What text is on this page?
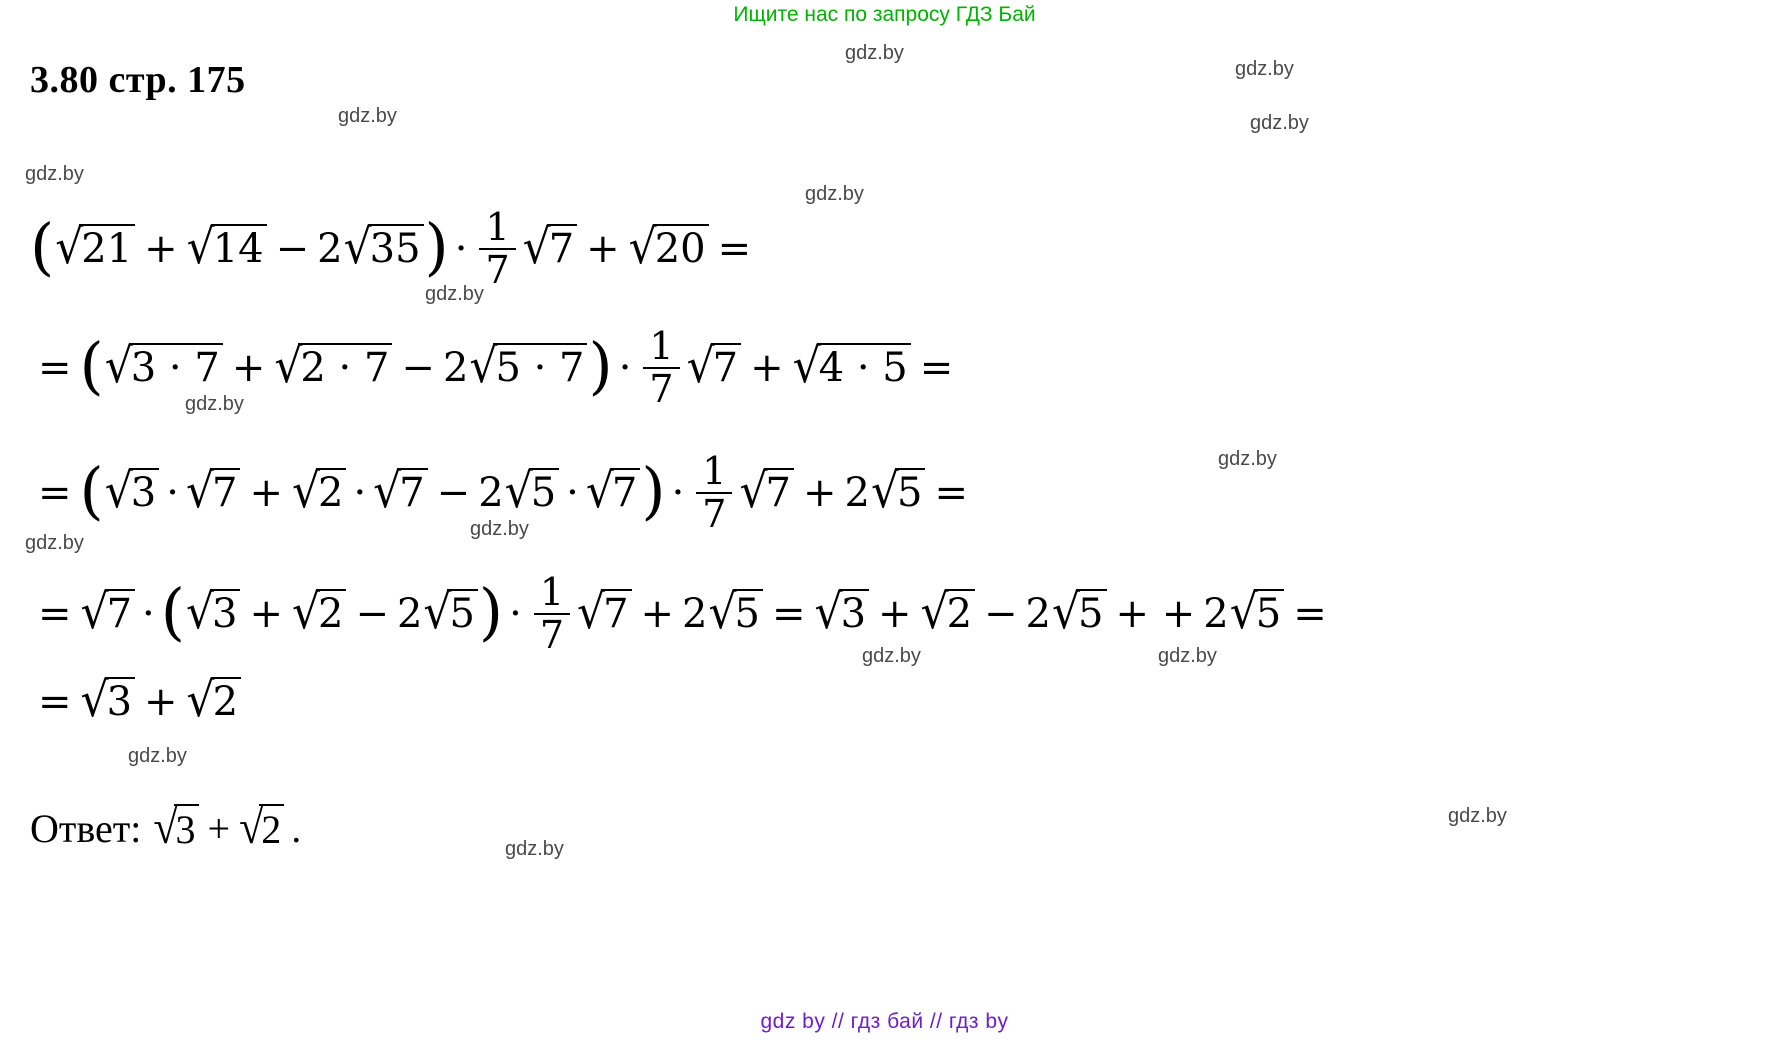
Ищите нас по запросу ГДЗ Бай
3.80 стр. 175
( √
21 + √
14 − 2 √
35 ) · $\frac{1}{7}$ √
7 + √
20 =
= ( √
3 · 7 + √
2 · 7 − 2 √
5 · 7 ) · $\frac{1}{7}$ √
7 + √
4 · 5 =
= ( √
3 · √
7 + √
2 · √
7 − 2 √
5 · √
7 ) · $\frac{1}{7}$ √
7 + 2 √
5 =
= √
7 · ( √
3 + √
2 − 2 √
5 ) · $\frac{1}{7}$ √
7 + 2 √
5 = √
3 + √
2 − 2 √
5 + + 2 √
5 =
= √
3 + √
2
Ответ: √
3 + √
2 .
gdz.by
gdz.by
gdz.by	gdz.by
gdz.by
gdz.by
gdz.by
gdz.by
gdz.by
gdz.by
gdz.by
gdz.by	gdz.by
gdz.by
gdz.by
gdz.by
gdz by // гдз бай // гдз by
